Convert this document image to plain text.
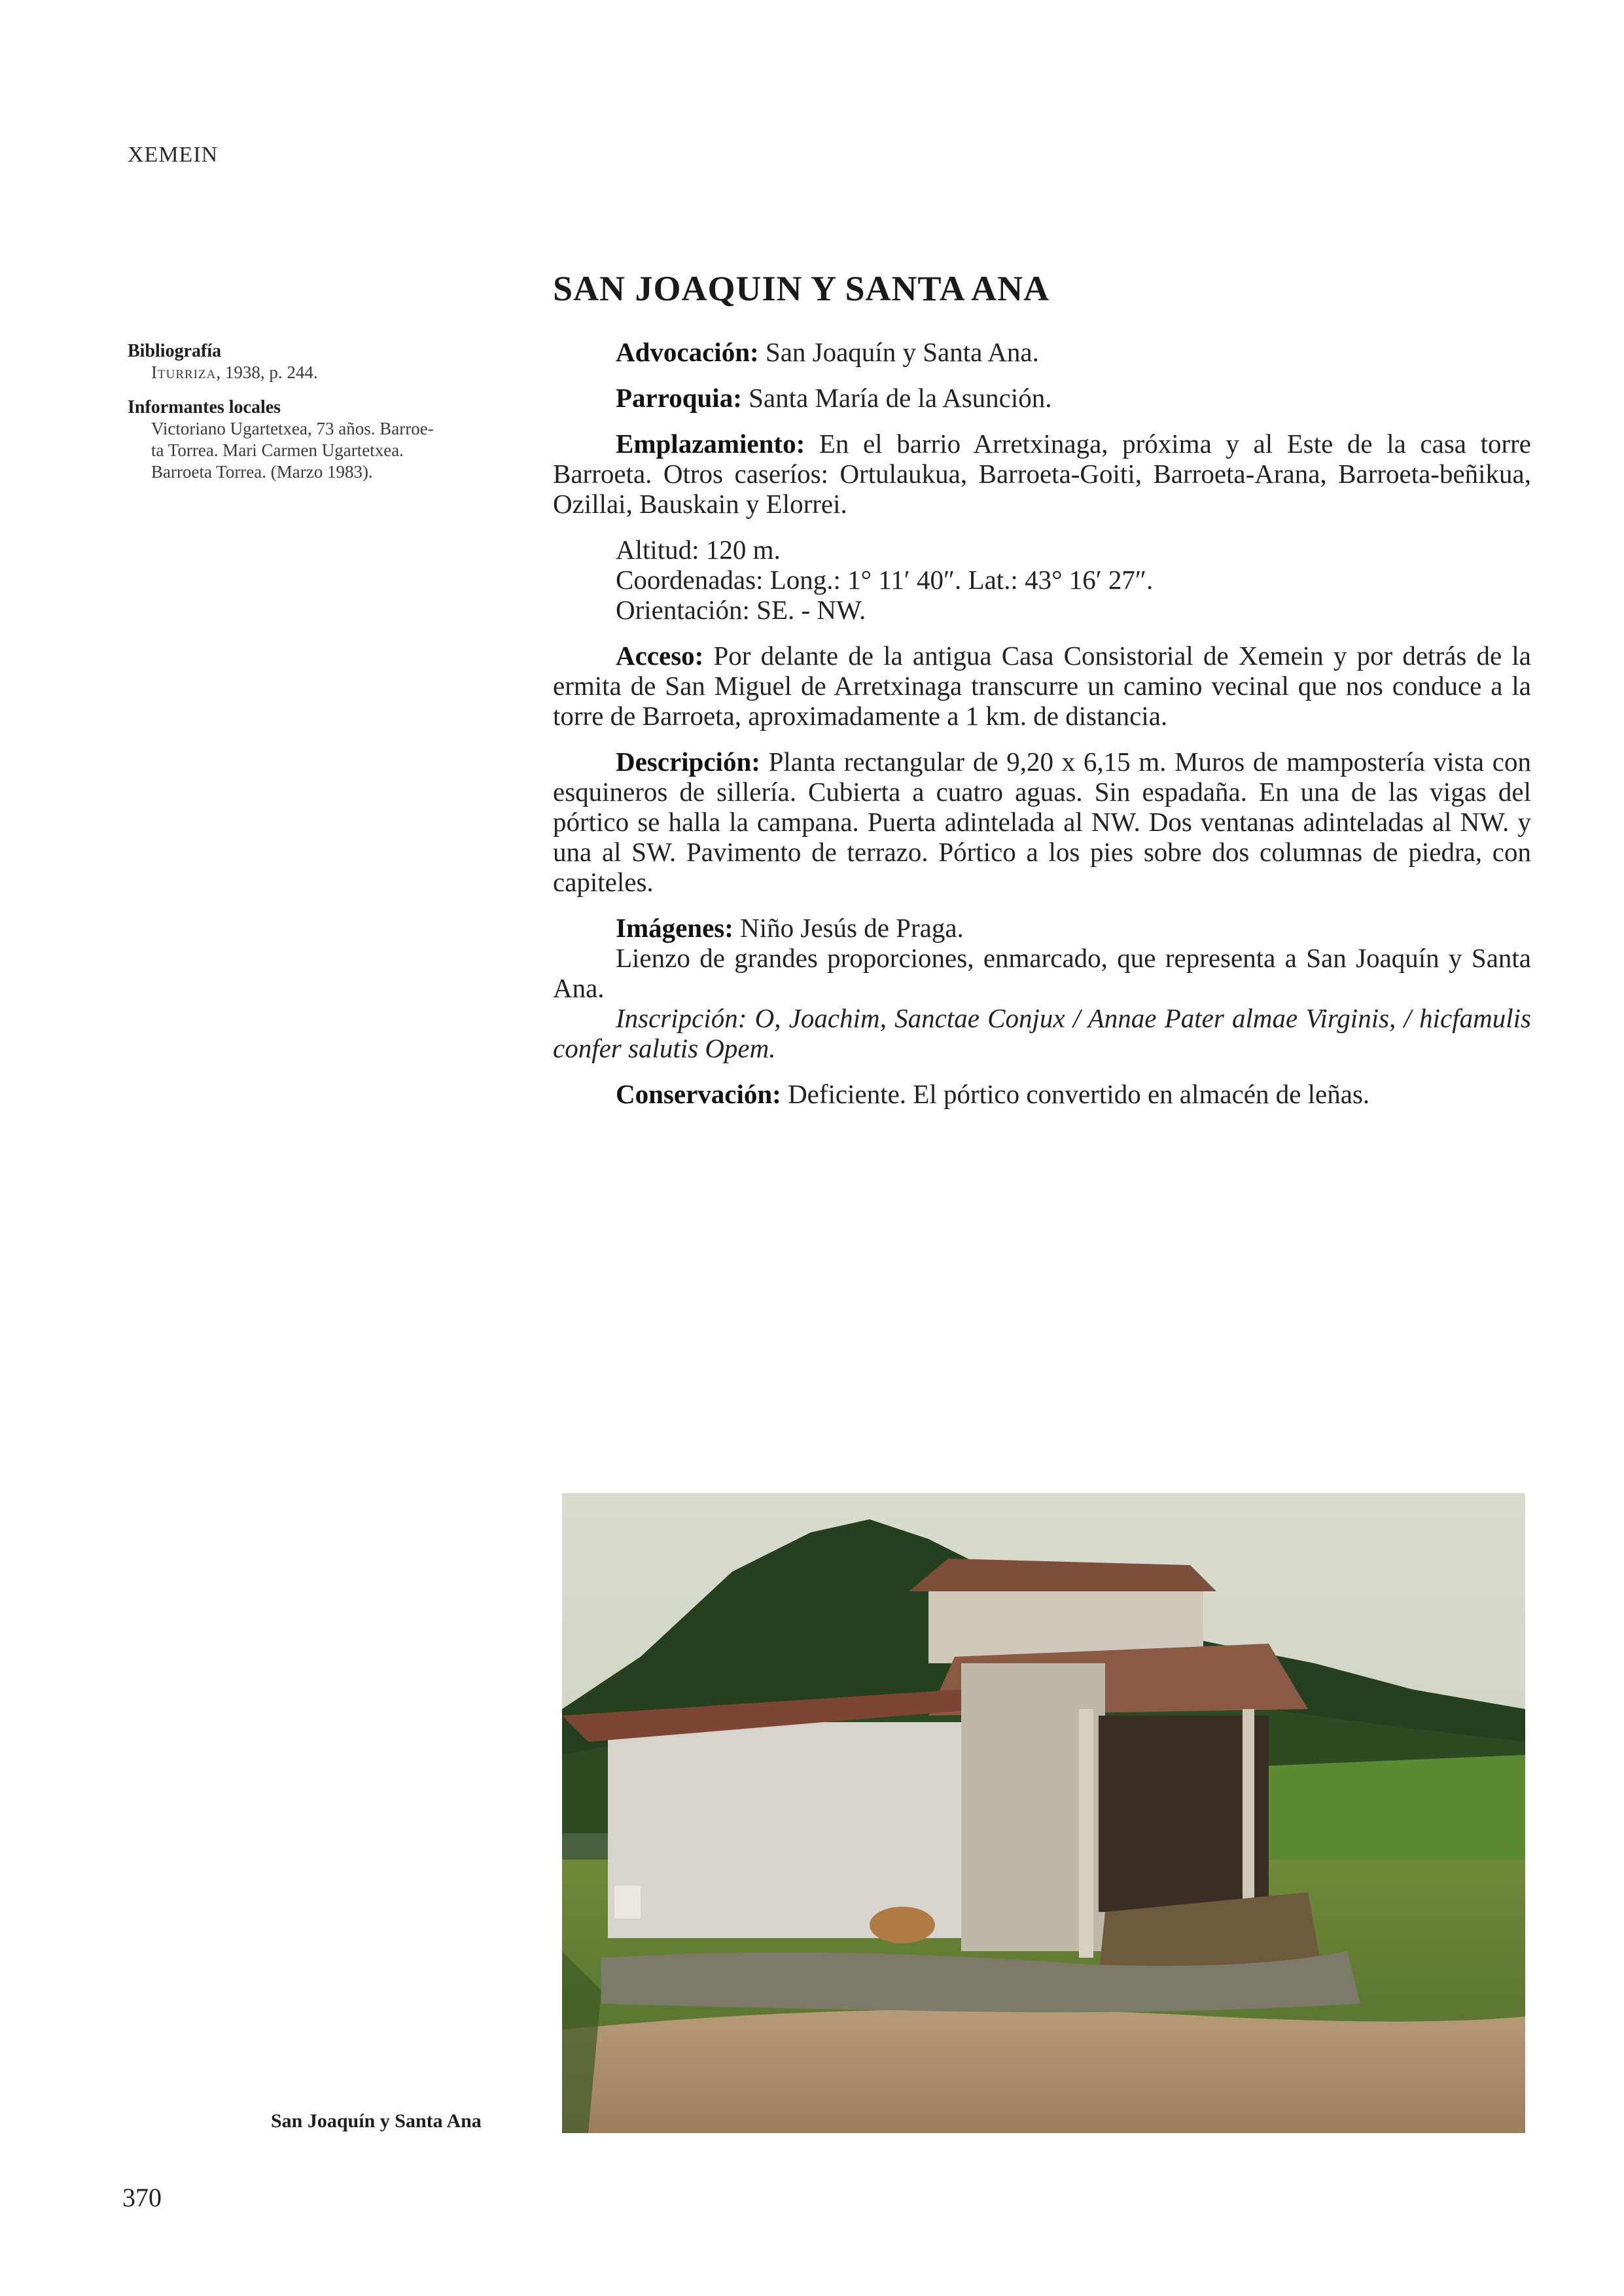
XEMEIN
Bibliografía
Iturriza, 1938, p. 244.
Informantes locales
Victoriano Ugartetxea, 73 años. Barroe-
ta Torrea. Mari Carmen Ugartetxea.
Barroeta Torrea. (Marzo 1983).
SAN JOAQUIN Y SANTA ANA

Advocación: San Joaquín y Santa Ana.

Parroquia: Santa María de la Asunción.

Emplazamiento: En el barrio Arretxinaga, próxima y al Este de la casa torre Barroeta. Otros caseríos: Ortulaukua, Barroeta-Goiti, Barroeta-Arana, Barroeta-beñikua, Ozillai, Bauskain y Elorrei.

Altitud: 120 m.
Coordenadas: Long.: 1° 11′ 40″. Lat.: 43° 16′ 27″.
Orientación: SE. - NW.

Acceso: Por delante de la antigua Casa Consistorial de Xemein y por detrás de la ermita de San Miguel de Arretxinaga transcurre un camino vecinal que nos conduce a la torre de Barroeta, aproximadamente a 1 km. de distancia.

Descripción: Planta rectangular de 9,20 x 6,15 m. Muros de mampostería vista con esquineros de sillería. Cubierta a cuatro aguas. Sin espadaña. En una de las vigas del pórtico se halla la campana. Puerta adintelada al NW. Dos ventanas adinteladas al NW. y una al SW. Pavimento de terrazo. Pórtico a los pies sobre dos columnas de piedra, con capiteles.

Imágenes: Niño Jesús de Praga.

Lienzo de grandes proporciones, enmarcado, que representa a San Joaquín y Santa Ana.

Inscripción: O, Joachim, Sanctae Conjux / Annae Pater almae Virginis, / hicfamulis confer salutis Opem.

Conservación: Deficiente. El pórtico convertido en almacén de leñas.

San Joaquín y Santa Ana
370
